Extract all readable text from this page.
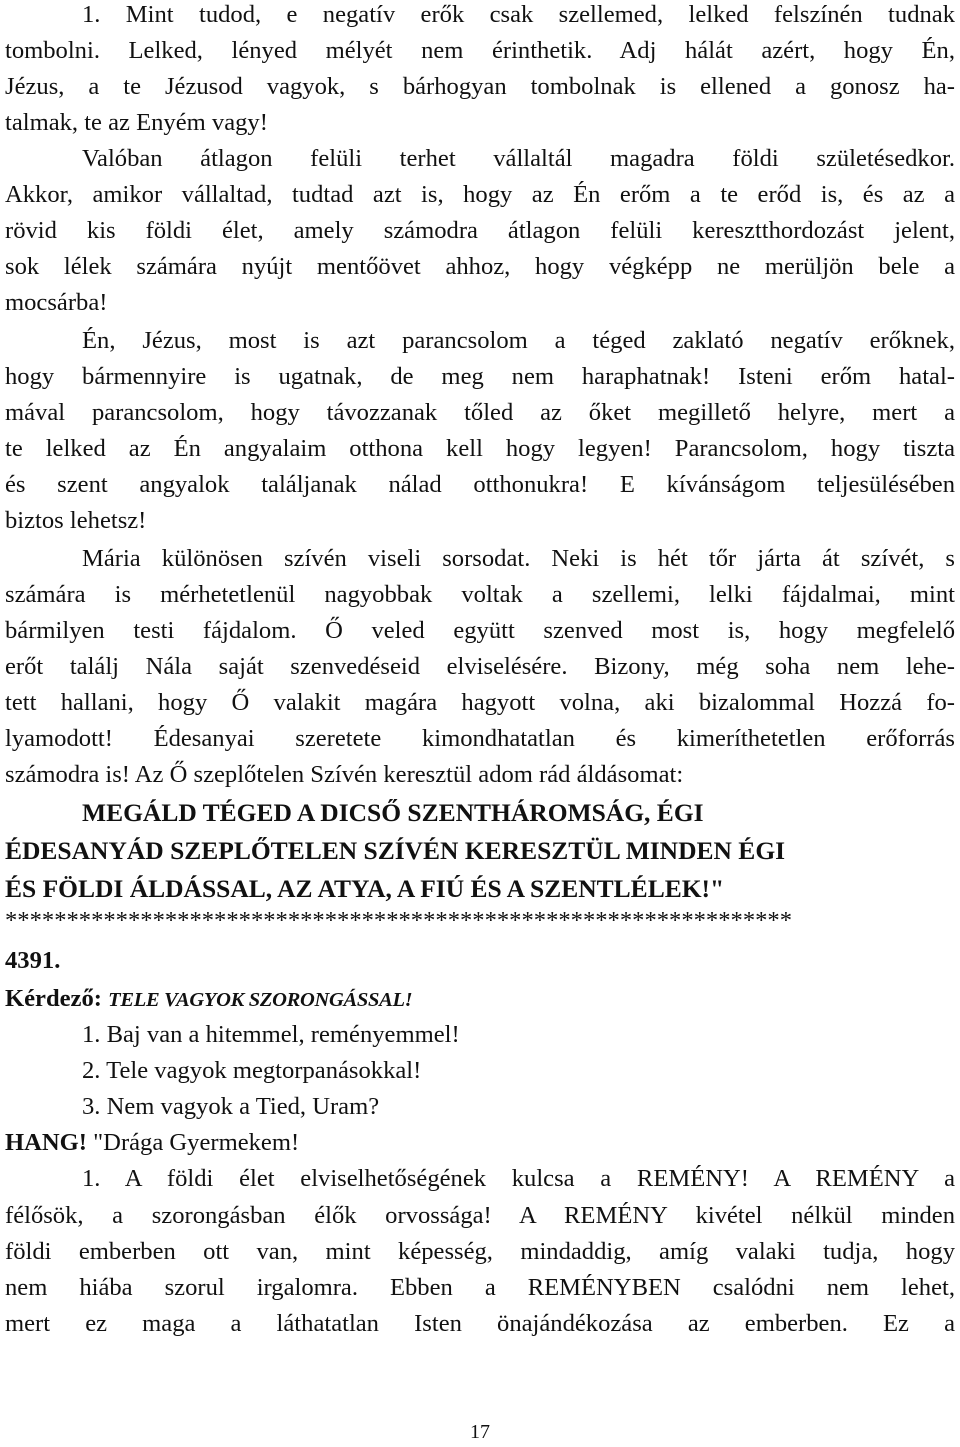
1. Mint tudod, e negatív erők csak szellemed, lelked felszínén tudnak
tombolni. Lelked, lényed mélyét nem érinthetik. Adj hálát azért, hogy Én,
Jézus, a te Jézusod vagyok, s bárhogyan tombolnak is ellened a gonosz ha-
talmak, te az Enyém vagy!
Valóban átlagon felüli terhet vállaltál magadra földi születésedkor.
Akkor, amikor vállaltad, tudtad azt is, hogy az Én erőm a te erőd is, és az a
rövid kis földi élet, amely számodra átlagon felüli keresztthordozást jelent,
sok lélek számára nyújt mentőövet ahhoz, hogy végképp ne merüljön bele a
mocsárba!
Én, Jézus, most is azt parancsolom a téged zaklató negatív erőknek,
hogy bármennyire is ugatnak, de meg nem haraphatnak! Isteni erőm hatal-
mával parancsolom, hogy távozzanak tőled az őket megillető helyre, mert a
te lelked az Én angyalaim otthona kell hogy legyen! Parancsolom, hogy tiszta
és szent angyalok találjanak nálad otthonukra! E kívánságom teljesülésében
biztos lehetsz!
Mária különösen szívén viseli sorsodat. Neki is hét tőr járta át szívét, s
számára is mérhetetlenül nagyobbak voltak a szellemi, lelki fájdalmai, mint
bármilyen testi fájdalom. Ő veled együtt szenved most is, hogy megfelelő
erőt találj Nála saját szenvedéseid elviselésére. Bizony, még soha nem lehe-
tett hallani, hogy Ő valakit magára hagyott volna, aki bizalommal Hozzá fo-
lyamodott! Édesanyai szeretete kimondhatatlan és kimeríthetetlen erőforrás
számodra is! Az Ő szeplőtelen Szívén keresztül adom rád áldásomat:
MEGÁLD TÉGED A DICSŐ SZENTHÁROMSÁG, ÉGI
ÉDESANYÁD SZEPLŐTELEN SZÍVÉN KERESZTÜL MINDEN ÉGI
ÉS FÖLDI ÁLDÁSSAL, AZ ATYA, A FIÚ ÉS A SZENTLÉLEK!"
****************************************************************
4391.
Kérdező: TELE VAGYOK SZORONGÁSSAL!
1. Baj van a hitemmel, reményemmel!
2. Tele vagyok megtorpanásokkal!
3. Nem vagyok a Tied, Uram?
HANG! "Drága Gyermekem!
1. A földi élet elviselhetőségének kulcsa a REMÉNY! A REMÉNY a
félősök, a szorongásban élők orvossága! A REMÉNY kivétel nélkül minden
földi emberben ott van, mint képesség, mindaddig, amíg valaki tudja, hogy
nem hiába szorul irgalomra. Ebben a REMÉNYBEN csalódni nem lehet,
mert ez maga a láthatatlan Isten önajándékozása az emberben. Ez a
17
